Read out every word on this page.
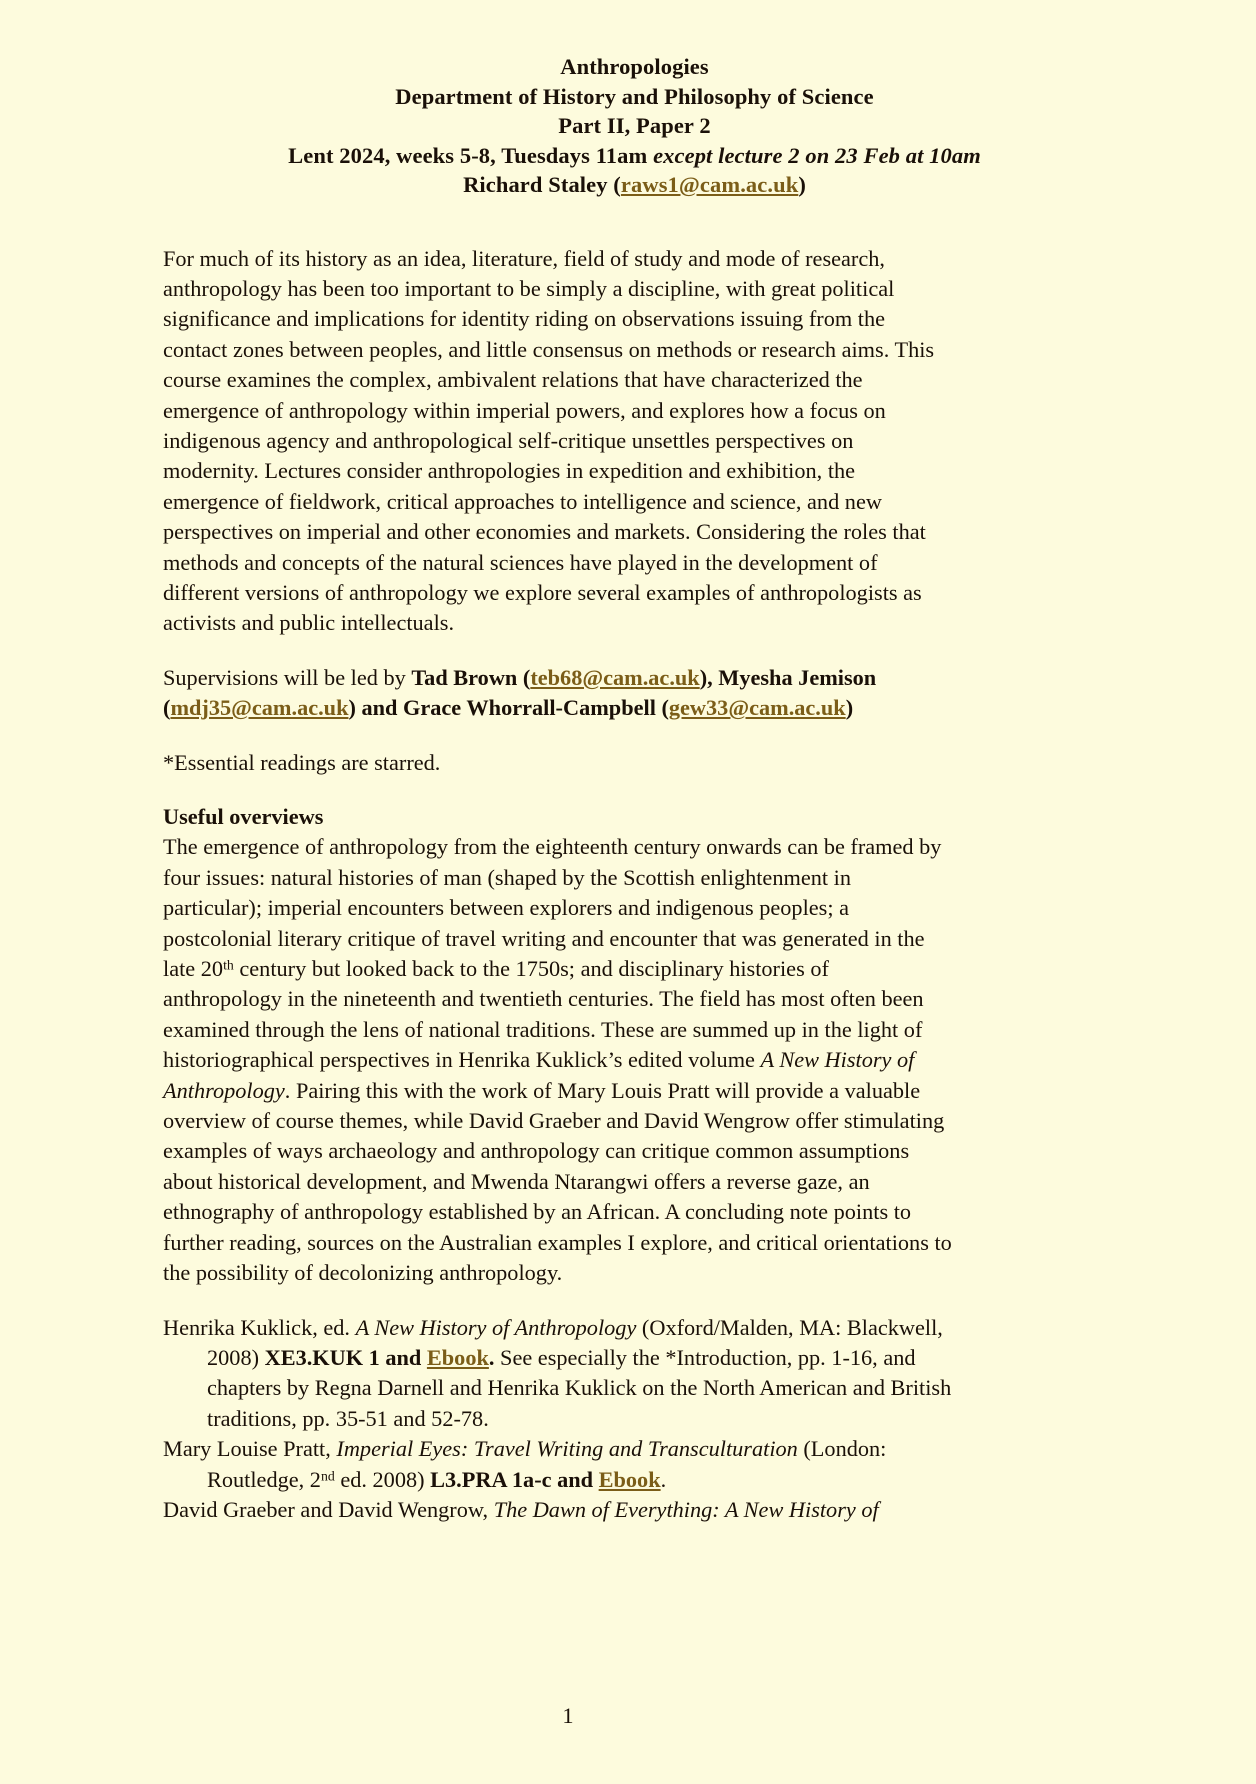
Anthropologies
Department of History and Philosophy of Science
Part II, Paper 2
Lent 2024, weeks 5-8, Tuesdays 11am except lecture 2 on 23 Feb at 10am
Richard Staley (raws1@cam.ac.uk)

For much of its history as an idea, literature, field of study and mode of research, anthropology has been too important to be simply a discipline, with great political significance and implications for identity riding on observations issuing from the contact zones between peoples, and little consensus on methods or research aims. This course examines the complex, ambivalent relations that have characterized the emergence of anthropology within imperial powers, and explores how a focus on indigenous agency and anthropological self-critique unsettles perspectives on modernity. Lectures consider anthropologies in expedition and exhibition, the emergence of fieldwork, critical approaches to intelligence and science, and new perspectives on imperial and other economies and markets. Considering the roles that methods and concepts of the natural sciences have played in the development of different versions of anthropology we explore several examples of anthropologists as activists and public intellectuals.

Supervisions will be led by Tad Brown (teb68@cam.ac.uk), Myesha Jemison (mdj35@cam.ac.uk) and Grace Whorrall-Campbell (gew33@cam.ac.uk)

*Essential readings are starred.

Useful overviews

The emergence of anthropology from the eighteenth century onwards can be framed by four issues: natural histories of man (shaped by the Scottish enlightenment in particular); imperial encounters between explorers and indigenous peoples; a postcolonial literary critique of travel writing and encounter that was generated in the late 20th century but looked back to the 1750s; and disciplinary histories of anthropology in the nineteenth and twentieth centuries. The field has most often been examined through the lens of national traditions. These are summed up in the light of historiographical perspectives in Henrika Kuklick’s edited volume A New History of Anthropology. Pairing this with the work of Mary Louis Pratt will provide a valuable overview of course themes, while David Graeber and David Wengrow offer stimulating examples of ways archaeology and anthropology can critique common assumptions about historical development, and Mwenda Ntarangwi offers a reverse gaze, an ethnography of anthropology established by an African. A concluding note points to further reading, sources on the Australian examples I explore, and critical orientations to the possibility of decolonizing anthropology.

Henrika Kuklick, ed. A New History of Anthropology (Oxford/Malden, MA: Blackwell, 2008) XE3.KUK 1 and Ebook. See especially the *Introduction, pp. 1-16, and chapters by Regna Darnell and Henrika Kuklick on the North American and British traditions, pp. 35-51 and 52-78.

Mary Louise Pratt, Imperial Eyes: Travel Writing and Transculturation (London: Routledge, 2nd ed. 2008) L3.PRA 1a-c and Ebook.

David Graeber and David Wengrow, The Dawn of Everything: A New History of

1
